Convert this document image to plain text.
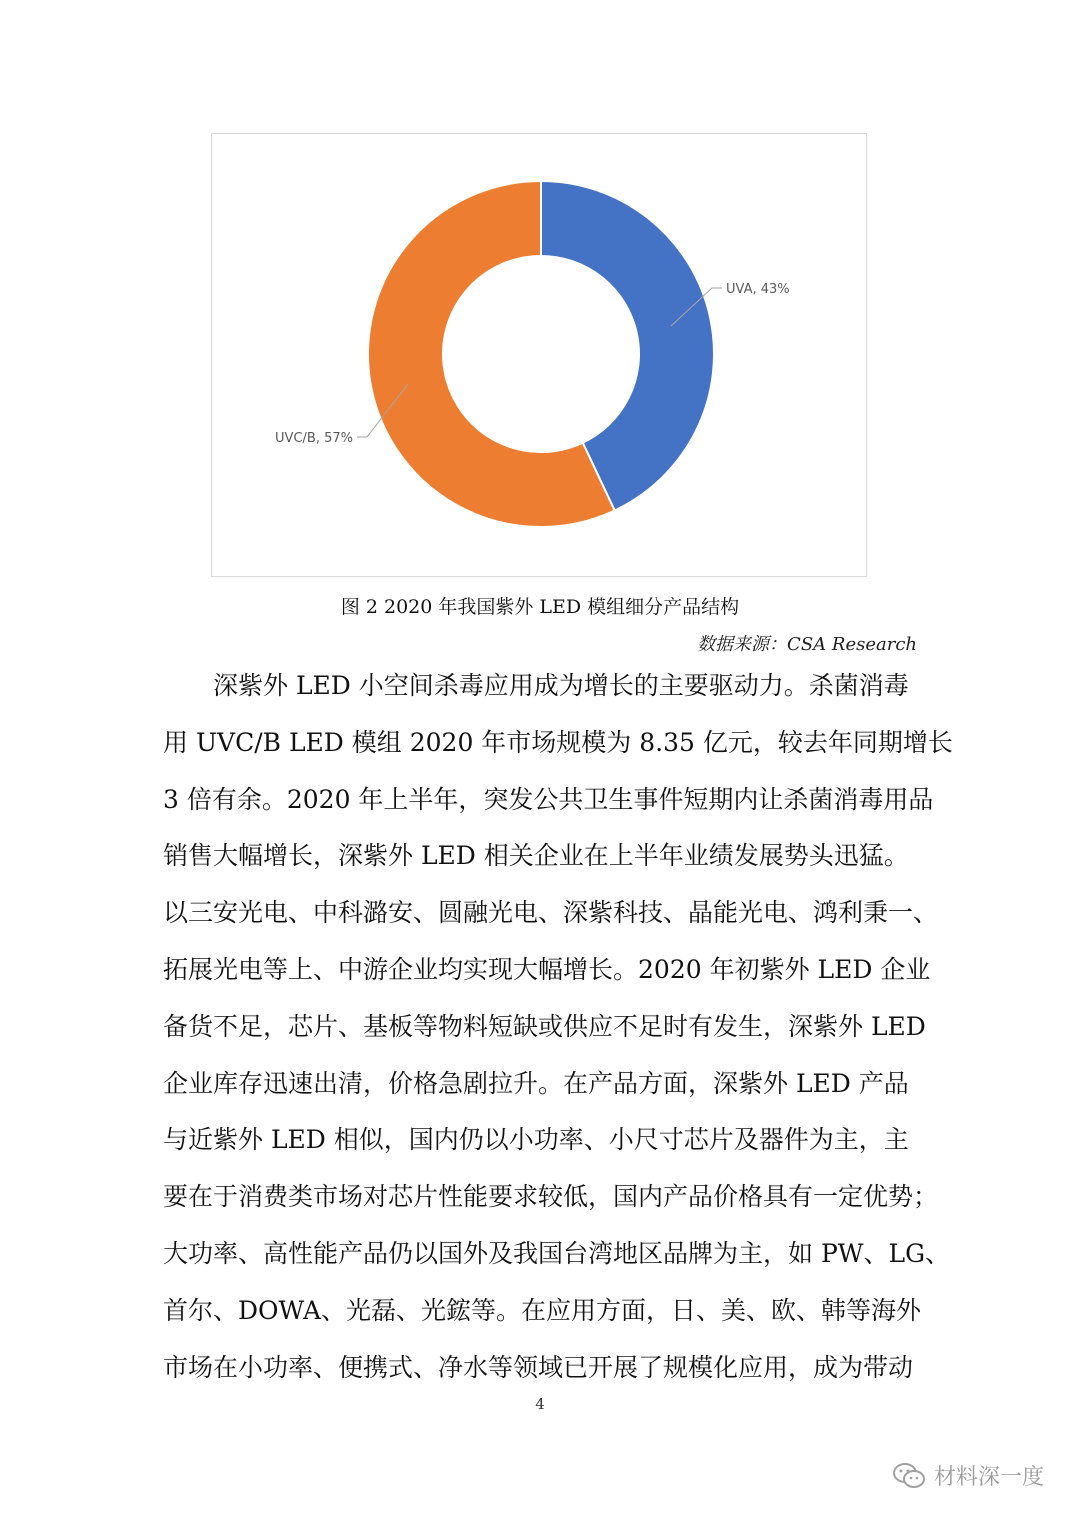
UVA, 43%
UVC/B, 57%
图 2 2020 年我国紫外 LED 模组细分产品结构
数据来源：CSA Research
　　深紫外 LED 小空间杀毒应用成为增长的主要驱动力。杀菌消毒
用 UVC/B LED 模组 2020 年市场规模为 8.35 亿元，较去年同期增长
3 倍有余。2020 年上半年，突发公共卫生事件短期内让杀菌消毒用品
销售大幅增长，深紫外 LED 相关企业在上半年业绩发展势头迅猛。
以三安光电、中科潞安、圆融光电、深紫科技、晶能光电、鸿利秉一、
拓展光电等上、中游企业均实现大幅增长。2020 年初紫外 LED 企业
备货不足，芯片、基板等物料短缺或供应不足时有发生，深紫外 LED
企业库存迅速出清，价格急剧拉升。在产品方面，深紫外 LED 产品
与近紫外 LED 相似，国内仍以小功率、小尺寸芯片及器件为主，主
要在于消费类市场对芯片性能要求较低，国内产品价格具有一定优势；
大功率、高性能产品仍以国外及我国台湾地区品牌为主，如 PW、LG、
首尔、DOWA、光磊、光鋐等。在应用方面，日、美、欧、韩等海外
市场在小功率、便携式、净水等领域已开展了规模化应用，成为带动
4
材料深一度
